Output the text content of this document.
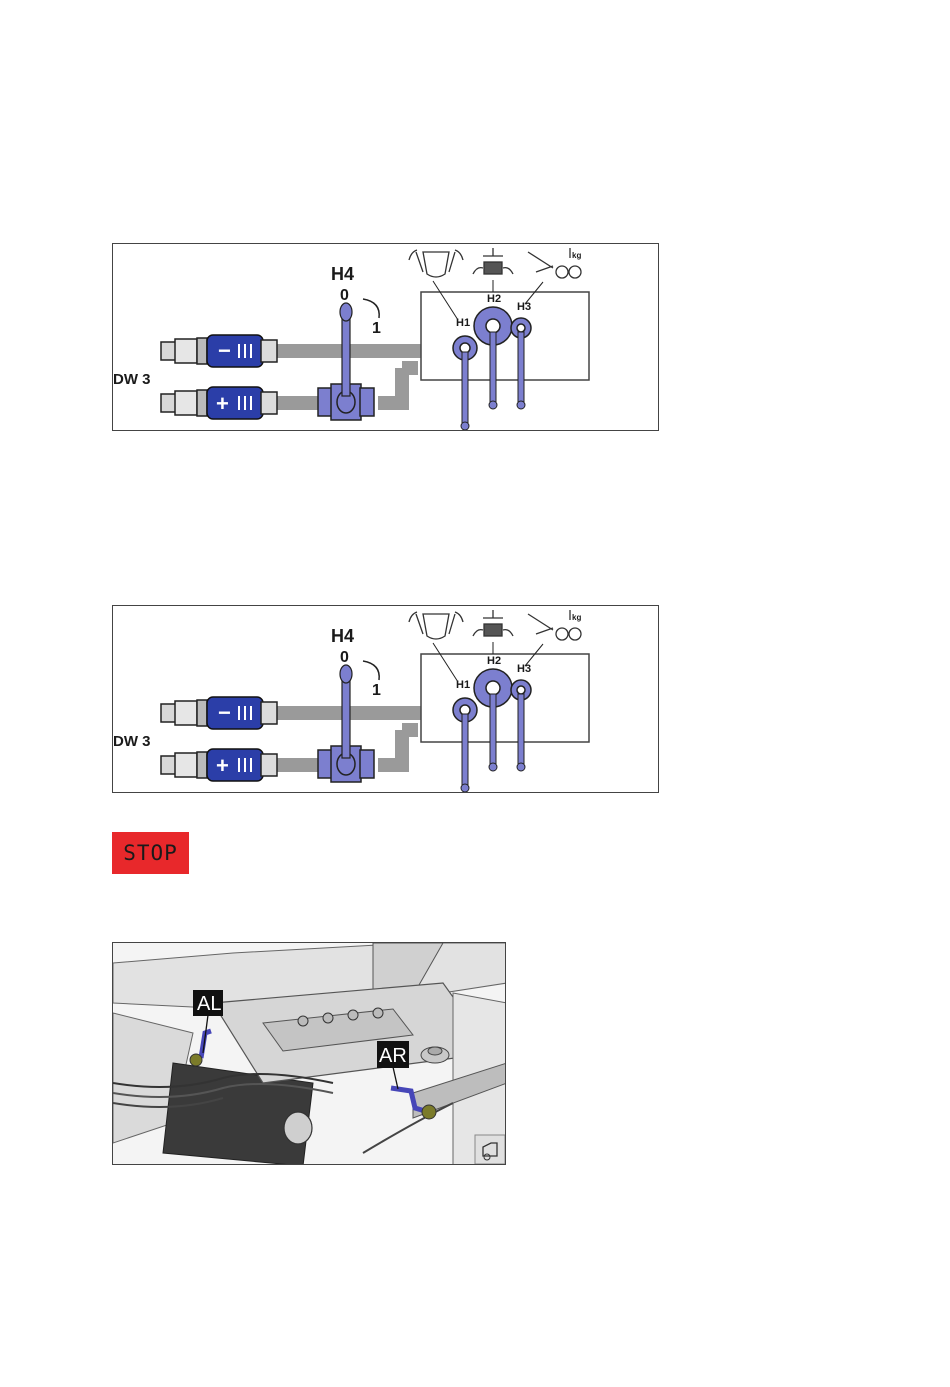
−
+
H4
0
1
DW 3
H1
H2
H3
kg
−
+
H4
0
1
DW 3
H1
H2
H3
kg
STOP
AL
AR
